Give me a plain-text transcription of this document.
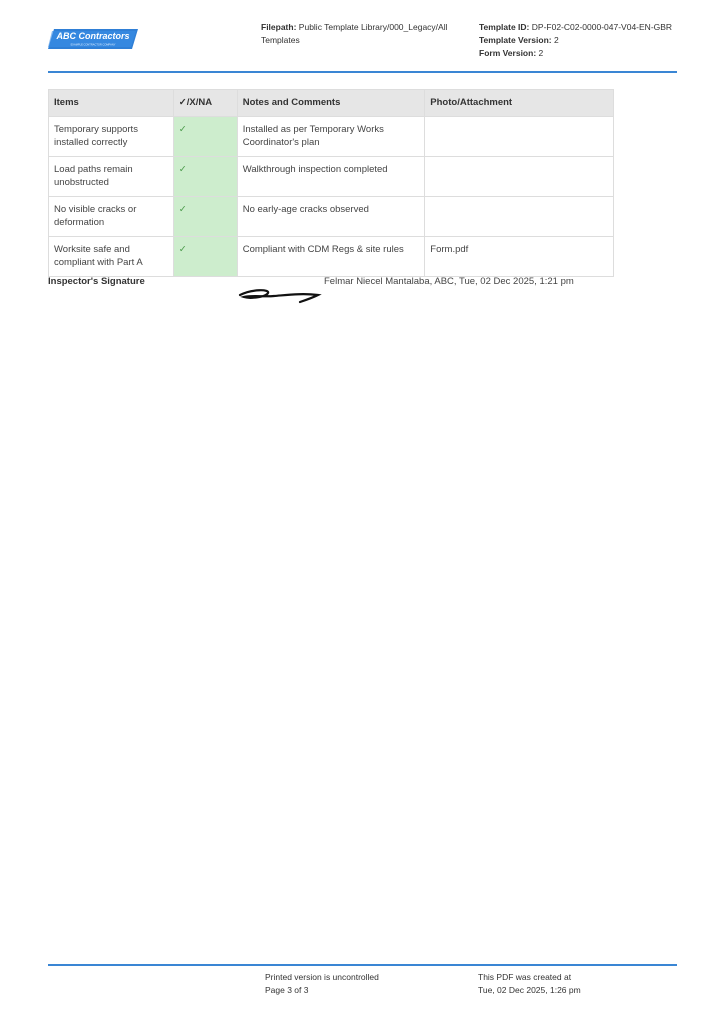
ABC Contractors
EXAMPLE CONTRACTOR COMPANY
Filepath: Public Template Library/000_Legacy/All
Templates
Template ID: DP-F02-C02-0000-047-V04-EN-GBR
Template Version: 2
Form Version: 2
Items	✓/X/NA	Notes and Comments	Photo/Attachment
Temporary supports installed correctly	✓	Installed as per Temporary Works Coordinator's plan	
Load paths remain unobstructed	✓	Walkthrough inspection completed	
No visible cracks or deformation	✓	No early-age cracks observed	
Worksite safe and compliant with Part A	✓	Compliant with CDM Regs & site rules	Form.pdf
Inspector's Signature	Felmar Niecel Mantalaba, ABC, Tue, 02 Dec 2025, 1:21 pm
Printed version is uncontrolled
Page 3 of 3
This PDF was created at
Tue, 02 Dec 2025, 1:26 pm
